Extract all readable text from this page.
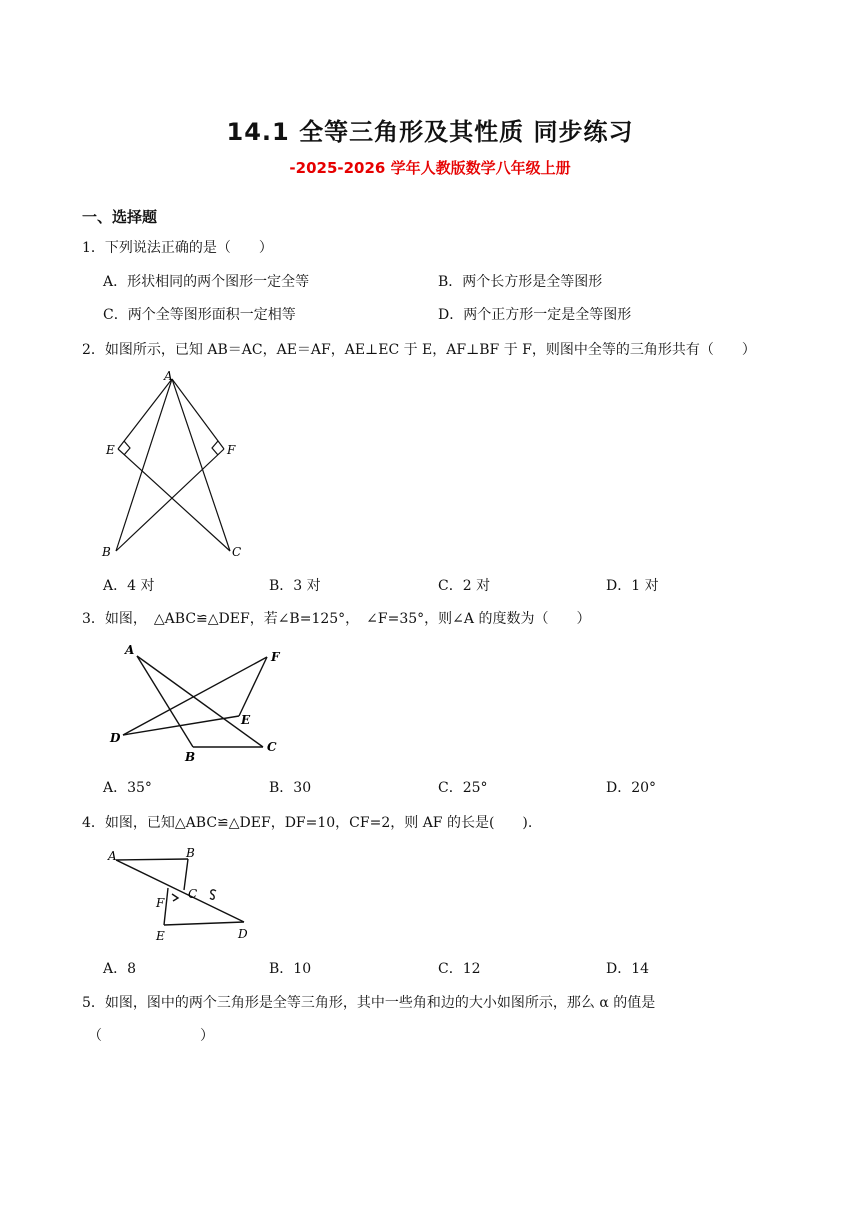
14.1 全等三角形及其性质 同步练习
-2025-2026 学年人教版数学八年级上册
一、选择题
1．下列说法正确的是（　　）
A．形状相同的两个图形一定全等	B．两个长方形是全等图形
C．两个全等图形面积一定相等	D．两个正方形一定是全等图形
2．如图所示，已知 AB＝AC，AE＝AF，AE⊥EC 于 E，AF⊥BF 于 F，则图中全等的三角形共有（　　）
A
E	F
B	C
A．4 对	B．3 对	C．2 对	D．1 对
3．如图，　△ABC≌△DEF，若∠B=125°，　∠F=35°，则∠A 的度数为（　　）
A	F
E
D
B
C
A．35°	B．30	C．25°	D．20°
4．如图，已知△ABC≌△DEF，DF=10，CF=2，则 AF 的长是(　　).
A	B
C
F
E	D
A．8	B．10	C．12	D．14
5．如图，图中的两个三角形是全等三角形，其中一些角和边的大小如图所示，那么 α 的值是
（　　　　　　　）
